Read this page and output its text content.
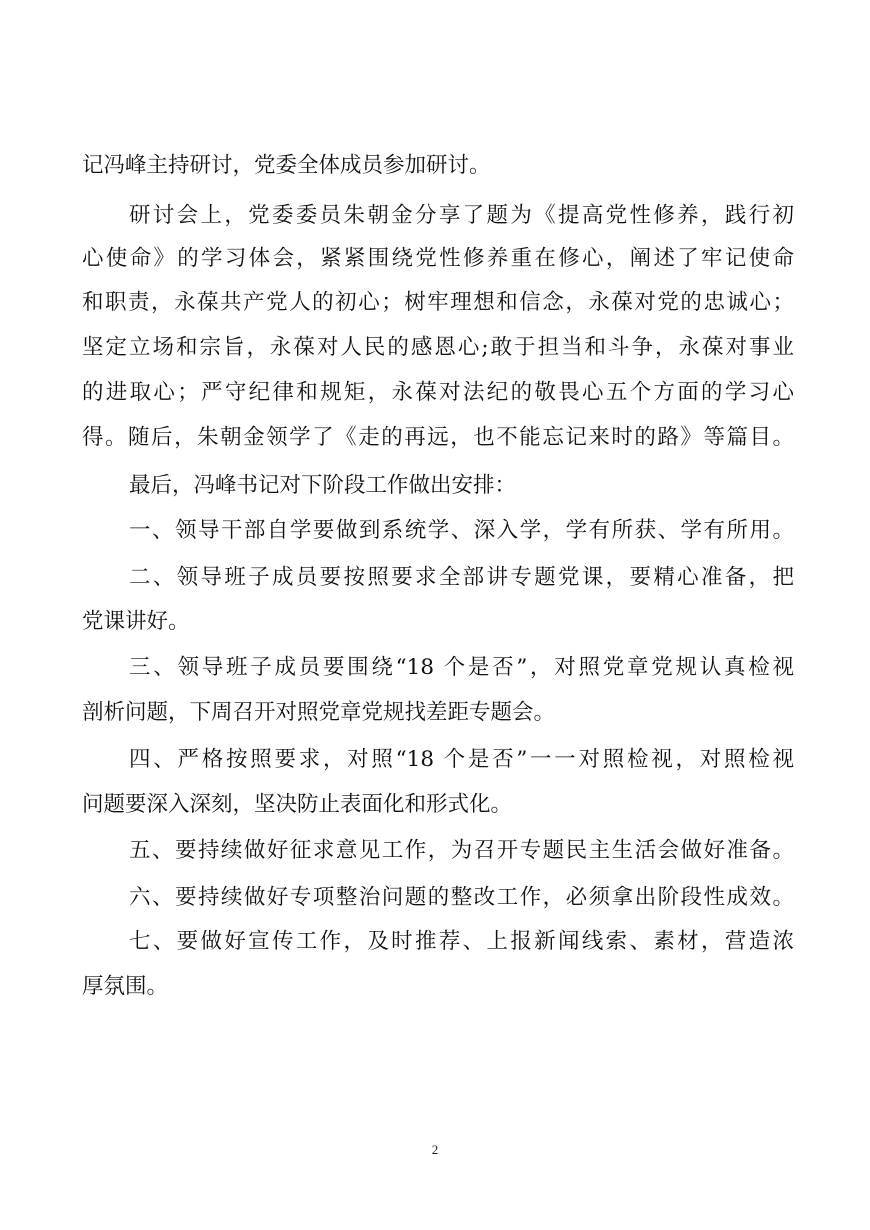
记冯峰主持研讨，党委全体成员参加研讨。
研讨会上，党委委员朱朝金分享了题为《提高党性修养，践行初
心使命》的学习体会，紧紧围绕党性修养重在修心，阐述了牢记使命
和职责，永葆共产党人的初心；树牢理想和信念，永葆对党的忠诚心；
坚定立场和宗旨，永葆对人民的感恩心;敢于担当和斗争，永葆对事业
的进取心；严守纪律和规矩，永葆对法纪的敬畏心五个方面的学习心
得。随后，朱朝金领学了《走的再远，也不能忘记来时的路》等篇目。
最后，冯峰书记对下阶段工作做出安排：
一、领导干部自学要做到系统学、深入学，学有所获、学有所用。
二、领导班子成员要按照要求全部讲专题党课，要精心准备，把
党课讲好。
三、领导班子成员要围绕“18 个是否”，对照党章党规认真检视
剖析问题，下周召开对照党章党规找差距专题会。
四、严格按照要求，对照“18 个是否”一一对照检视，对照检视
问题要深入深刻，坚决防止表面化和形式化。
五、要持续做好征求意见工作，为召开专题民主生活会做好准备。
六、要持续做好专项整治问题的整改工作，必须拿出阶段性成效。
七、要做好宣传工作，及时推荐、上报新闻线索、素材，营造浓
厚氛围。
2
